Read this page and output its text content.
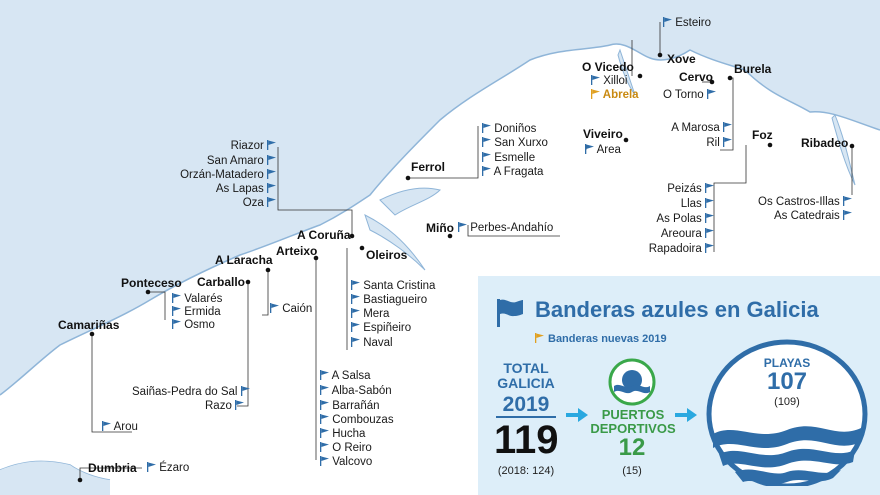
Dumbria
Camariñas
Ponteceso Carballo
A Laracha
Arteixo
A Coruña
Oleiros
Ferrol
Miño
O Vicedo
Viveiro
Xove
Cervo
Burela
Foz
Ribadeo
Ézaro
Arou
Valarés
Ermida
Osmo
Caión
Saiñas-Pedra do Sal
Razo
A Salsa
Alba-Sabón
Barrañán
Combouzas
Hucha
O Reiro
Valcovo
Riazor
San Amaro
Orzán-Matadero
As Lapas
Oza
Santa Cristina
Bastiagueiro
Mera
Espiñeiro
Naval
Doniños
San Xurxo
Esmelle
A Fragata
Perbes-Andahío
Xilloi
Abrela
Area
Esteiro
O Torno
A Marosa
Ril
Peizás
Llas
As Polas
Areoura
Rapadoira
Os Castros-Illas
As Catedrais
Banderas azules en Galicia
Banderas nuevas 2019
TOTAL
GALICIA
2019
119
(2018: 124)
PUERTOS
DEPORTIVOS
12
(15)
PLAYAS
107
(109)
